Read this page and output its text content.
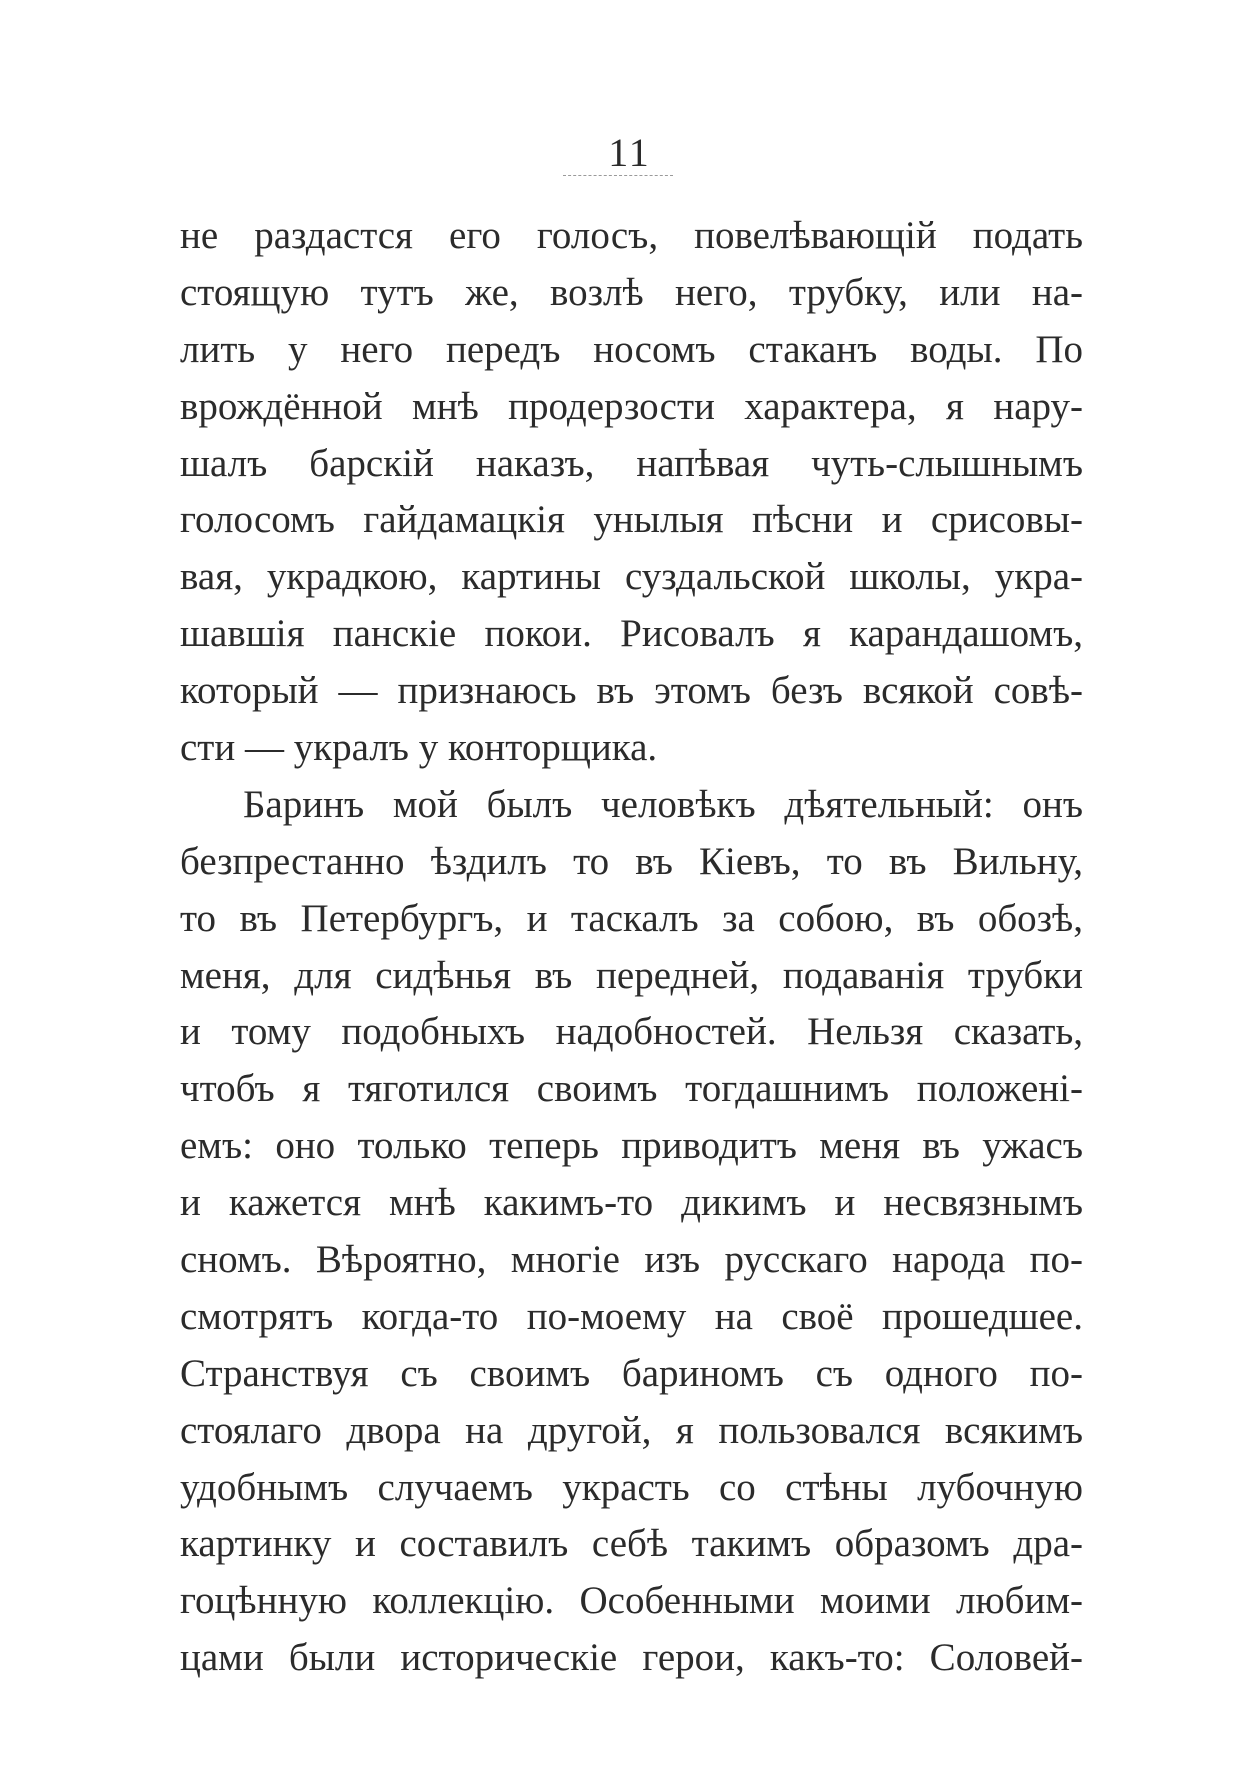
11
не раздастся его голосъ, повелѣвающій подать
стоящую тутъ же, возлѣ него, трубку, или на-
лить у него передъ носомъ стаканъ воды. По
врождённой мнѣ продерзости характера, я нару-
шалъ барскій наказъ, напѣвая чуть-слышнымъ
голосомъ гайдамацкія унылыя пѣсни и срисовы-
вая, украдкою, картины суздальской школы, укра-
шавшія панскіе покои. Рисовалъ я карандашомъ,
который — признаюсь въ этомъ безъ всякой совѣ-
сти — укралъ у конторщика.
Баринъ мой былъ человѣкъ дѣятельный: онъ
безпрестанно ѣздилъ то въ Кіевъ, то въ Вильну,
то въ Петербургъ, и таскалъ за собою, въ обозѣ,
меня, для сидѣнья въ передней, подаванія трубки
и тому подобныхъ надобностей. Нельзя сказать,
чтобъ я тяготился своимъ тогдашнимъ положені-
емъ: оно только теперь приводитъ меня въ ужасъ
и кажется мнѣ какимъ-то дикимъ и несвязнымъ
сномъ. Вѣроятно, многіе изъ русскаго народа по-
смотрятъ когда-то по-моему на своё прошедшее.
Странствуя съ своимъ бариномъ съ одного по-
стоялаго двора на другой, я пользовался всякимъ
удобнымъ случаемъ украсть со стѣны лубочную
картинку и составилъ себѣ такимъ образомъ дра-
гоцѣнную коллекцію. Особенными моими любим-
цами были историческіе герои, какъ-то: Соловей-
